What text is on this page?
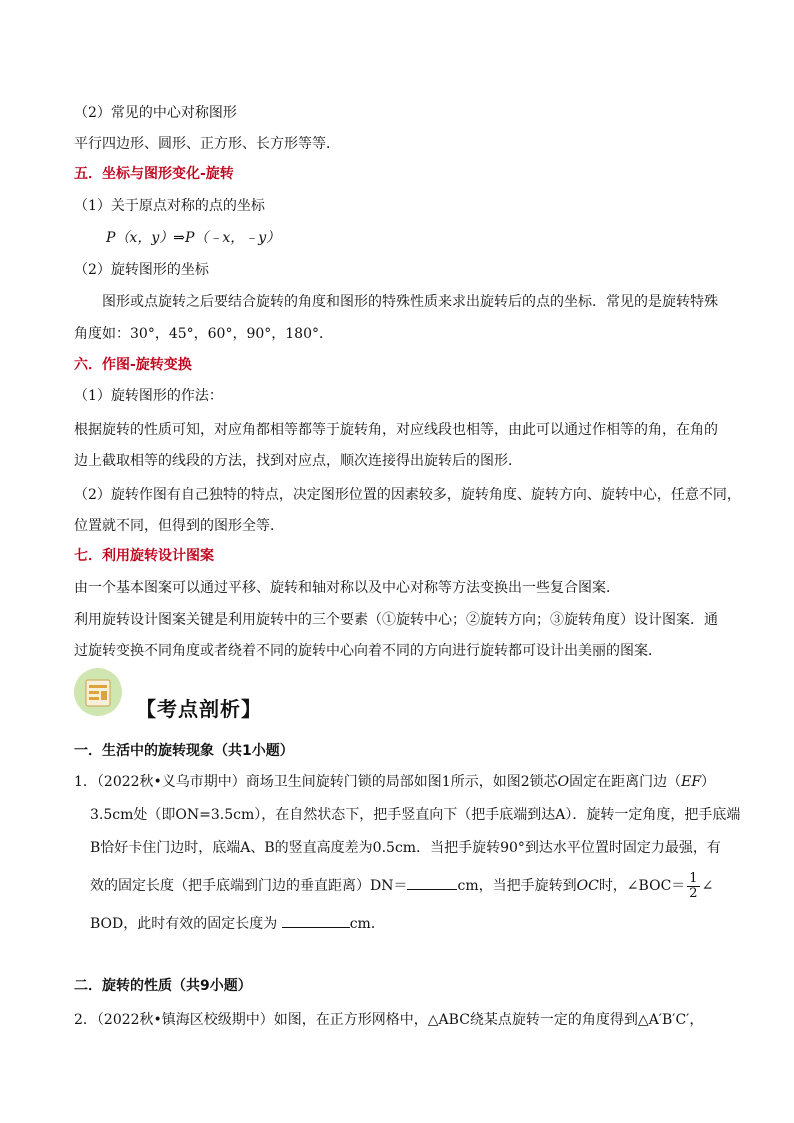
（2）常见的中心对称图形
平行四边形、圆形、正方形、长方形等等．
五．坐标与图形变化-旋转
（1）关于原点对称的点的坐标
P（x，y）⇒P（﹣x，﹣y）
（2）旋转图形的坐标
图形或点旋转之后要结合旋转的角度和图形的特殊性质来求出旋转后的点的坐标．常见的是旋转特殊
角度如：30°，45°，60°，90°，180°．
六．作图-旋转变换
（1）旋转图形的作法：
根据旋转的性质可知，对应角都相等都等于旋转角，对应线段也相等，由此可以通过作相等的角，在角的
边上截取相等的线段的方法，找到对应点，顺次连接得出旋转后的图形．
（2）旋转作图有自己独特的特点，决定图形位置的因素较多，旋转角度、旋转方向、旋转中心，任意不同，
位置就不同，但得到的图形全等．
七．利用旋转设计图案
由一个基本图案可以通过平移、旋转和轴对称以及中心对称等方法变换出一些复合图案．
利用旋转设计图案关键是利用旋转中的三个要素（①旋转中心；②旋转方向；③旋转角度）设计图案．通
过旋转变换不同角度或者绕着不同的旋转中心向着不同的方向进行旋转都可设计出美丽的图案．
【考点剖析】
一．生活中的旋转现象（共1小题）
1．（2022秋•义乌市期中）商场卫生间旋转门锁的局部如图1所示，如图2锁芯O固定在距离门边（EF）
3.5cm处（即ON=3.5cm），在自然状态下，把手竖直向下（把手底端到达A）．旋转一定角度，把手底端
B恰好卡住门边时，底端A、B的竖直高度差为0.5cm．当把手旋转90°到达水平位置时固定力最强，有
效的固定长度（把手底端到门边的垂直距离）DN＝	cm，当把手旋转到OC时，∠BOC＝ $\frac{1}{2}$ ∠
BOD，此时有效的固定长度为	cm．
二．旋转的性质（共9小题）
2．（2022秋•镇海区校级期中）如图，在正方形网格中，△ABC绕某点旋转一定的角度得到△A′B′C′，
